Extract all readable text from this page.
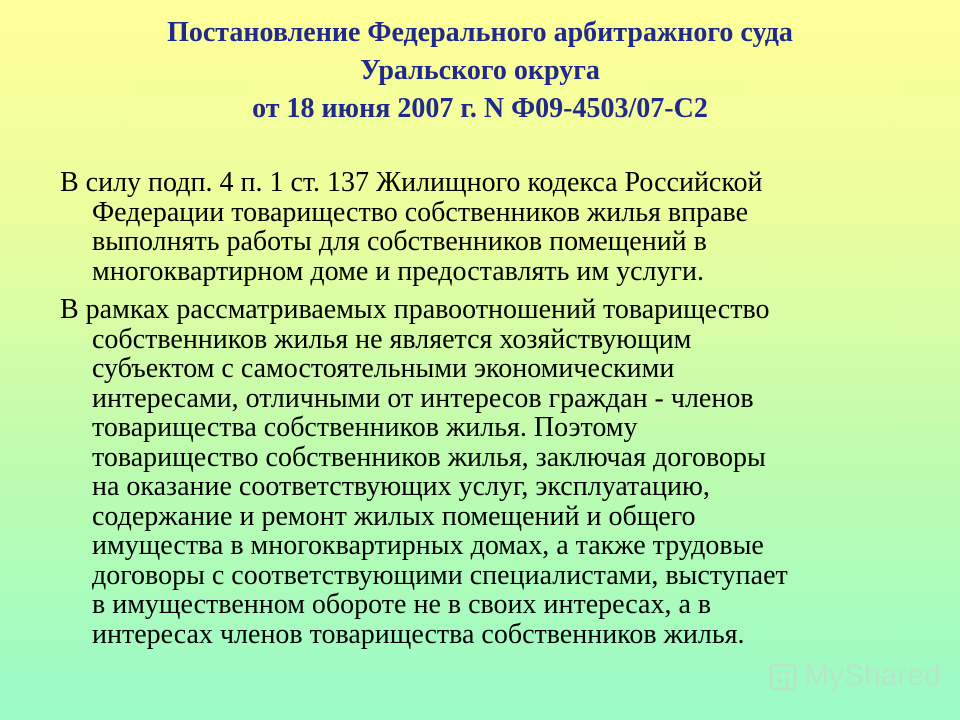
Постановление Федерального арбитражного суда
Уральского округа
от 18 июня 2007 г. N Ф09-4503/07-С2
В силу подп. 4 п. 1 ст. 137 Жилищного кодекса Российской
Федерации товарищество собственников жилья вправе
выполнять работы для собственников помещений в
многоквартирном доме и предоставлять им услуги.
В рамках рассматриваемых правоотношений товарищество
собственников жилья не является хозяйствующим
субъектом с самостоятельными экономическими
интересами, отличными от интересов граждан - членов
товарищества собственников жилья. Поэтому
товарищество собственников жилья, заключая договоры
на оказание соответствующих услуг, эксплуатацию,
содержание и ремонт жилых помещений и общего
имущества в многоквартирных домах, а также трудовые
договоры с соответствующими специалистами, выступает
в имущественном обороте не в своих интересах, а в
интересах членов товарищества собственников жилья.
MyShared
